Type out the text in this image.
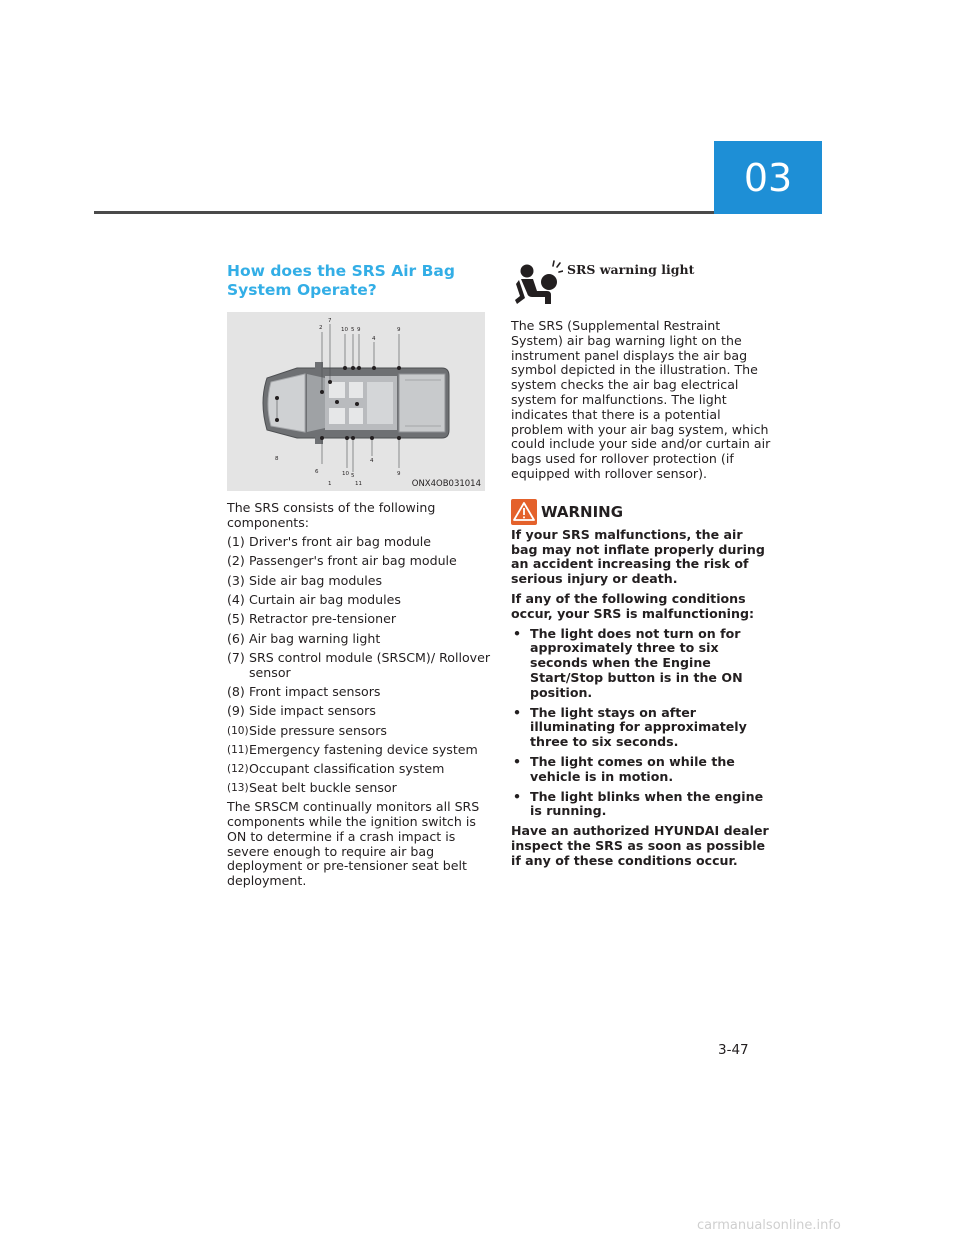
03
How does the SRS Air Bag System Operate?
2
7
10 5 9
4
9
8
6
1
10 5
11
4
9
ONX4OB031014

The SRS consists of the following components:

(1) Driver's front air bag module
(2) Passenger's front air bag module
(3) Side air bag modules
(4) Curtain air bag modules
(5) Retractor pre-tensioner
(6) Air bag warning light
(7) SRS control module (SRSCM)/ Rollover sensor
(8) Front impact sensors
(9) Side impact sensors
(10) Side pressure sensors
(11) Emergency fastening device system
(12) Occupant classification system
(13) Seat belt buckle sensor

The SRSCM continually monitors all SRS components while the ignition switch is ON to determine if a crash impact is severe enough to require air bag deployment or pre-tensioner seat belt deployment.

SRS warning light

The SRS (Supplemental Restraint System) air bag warning light on the instrument panel displays the air bag symbol depicted in the illustration. The system checks the air bag electrical system for malfunctions. The light indicates that there is a potential problem with your air bag system, which could include your side and/or curtain air bags used for rollover protection (if equipped with rollover sensor).

WARNING

If your SRS malfunctions, the air bag may not inflate properly during an accident increasing the risk of serious injury or death.

If any of the following conditions occur, your SRS is malfunctioning:

• The light does not turn on for approximately three to six seconds when the Engine Start/Stop button is in the ON position.
• The light stays on after illuminating for approximately three to six seconds.
• The light comes on while the vehicle is in motion.
• The light blinks when the engine is running.

Have an authorized HYUNDAI dealer inspect the SRS as soon as possible if any of these conditions occur.

3-47
carmanualsonline.info
